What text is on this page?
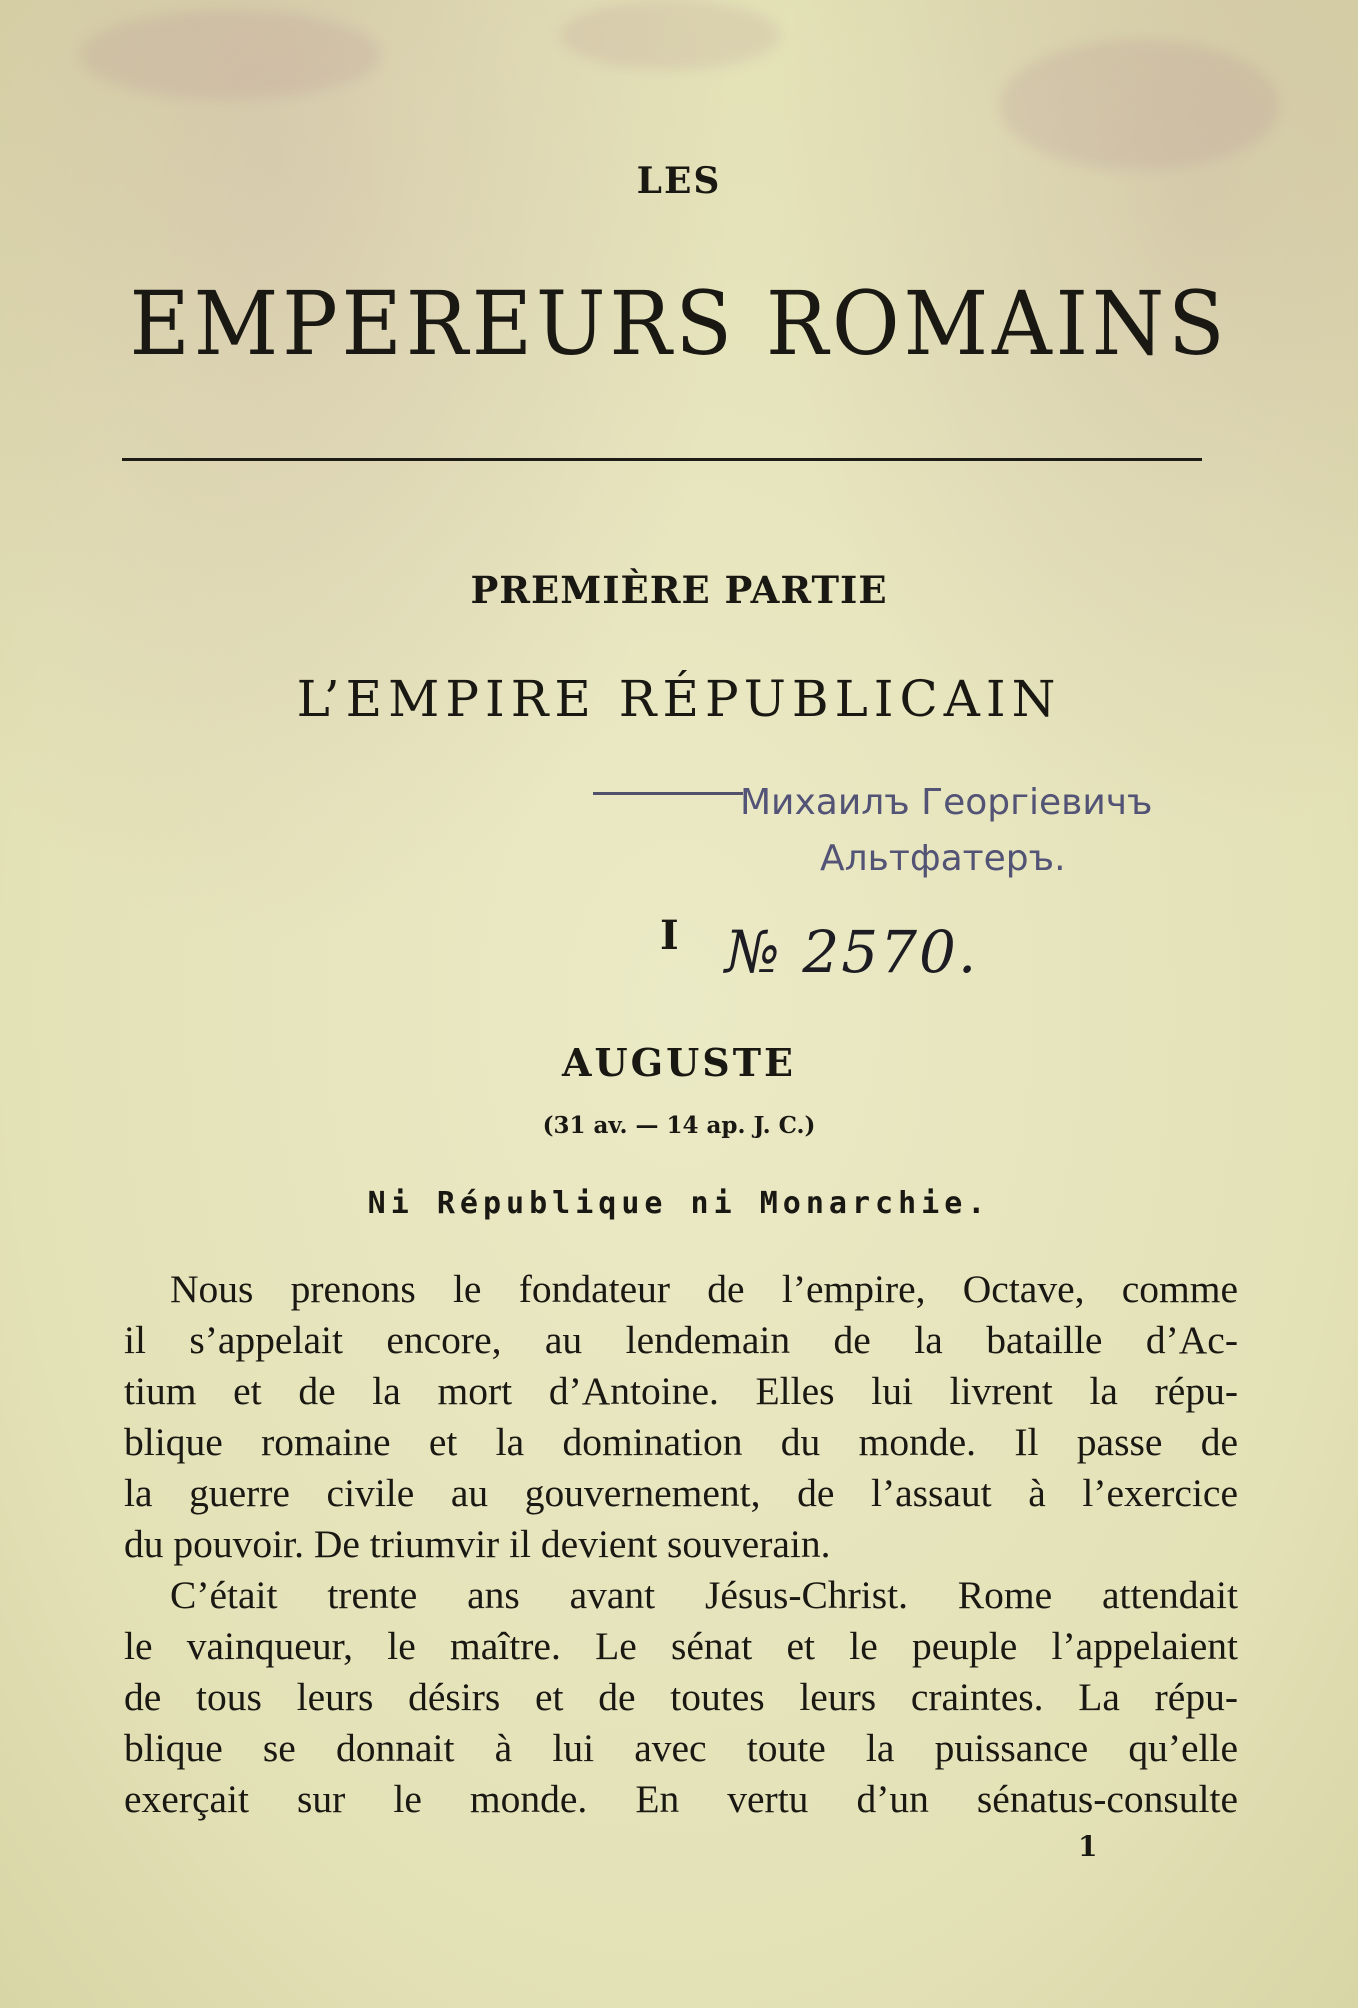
LES
EMPEREURS ROMAINS
PREMIÈRE PARTIE
L’EMPIRE RÉPUBLICAIN
Михаилъ Георгiевичъ
Альтфатеръ.
I № 2570.
AUGUSTE
(31 av. — 14 ap. J. C.)
Ni République ni Monarchie.
Nous prenons le fondateur de l’empire, Octave, comme
il s’appelait encore, au lendemain de la bataille d’Ac-
tium et de la mort d’Antoine. Elles lui livrent la répu-
blique romaine et la domination du monde. Il passe de
la guerre civile au gouvernement, de l’assaut à l’exercice
du pouvoir. De triumvir il devient souverain.
C’était trente ans avant Jésus-Christ. Rome attendait
le vainqueur, le maître. Le sénat et le peuple l’appelaient
de tous leurs désirs et de toutes leurs craintes. La répu-
blique se donnait à lui avec toute la puissance qu’elle
exerçait sur le monde. En vertu d’un sénatus-consulte
1
